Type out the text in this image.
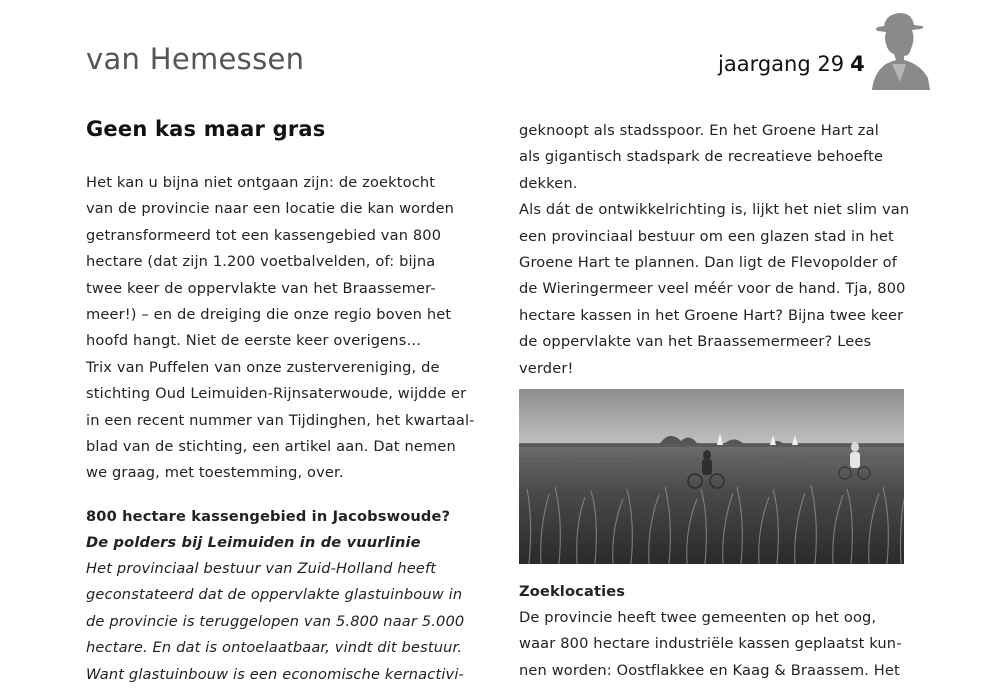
van Hemessen	jaargang 29 4
Geen kas maar gras
Het kan u bijna niet ontgaan zijn: de zoektocht
van de provincie naar een locatie die kan worden
getransformeerd tot een kassengebied van 800
hectare (dat zijn 1.200 voetbalvelden, of: bijna
twee keer de oppervlakte van het Braassemer-
meer!) – en de dreiging die onze regio boven het
hoofd hangt. Niet de eerste keer overigens…
Trix van Puffelen van onze zustervereniging, de
stichting Oud Leimuiden-Rijnsaterwoude, wijdde er
in een recent nummer van Tijdinghen, het kwartaal-
blad van de stichting, een artikel aan. Dat nemen
we graag, met toestemming, over.
800 hectare kassengebied in Jacobswoude?
De polders bij Leimuiden in de vuurlinie
Het provinciaal bestuur van Zuid-Holland heeft
geconstateerd dat de oppervlakte glastuinbouw in
de provincie is teruggelopen van 5.800 naar 5.000
hectare. En dat is ontoelaatbaar, vindt dit bestuur.
Want glastuinbouw is een economische kernactivi-
geknoopt als stadsspoor. En het Groene Hart zal
als gigantisch stadspark de recreatieve behoefte
dekken.
Als dát de ontwikkelrichting is, lijkt het niet slim van
een provinciaal bestuur om een glazen stad in het
Groene Hart te plannen. Dan ligt de Flevopolder of
de Wieringermeer veel méér voor de hand. Tja, 800
hectare kassen in het Groene Hart? Bijna twee keer
de oppervlakte van het Braassemermeer? Lees
verder!
Zoeklocaties
De provincie heeft twee gemeenten op het oog,
waar 800 hectare industriële kassen geplaatst kun-
nen worden: Oostflakkee en Kaag & Braassem. Het
